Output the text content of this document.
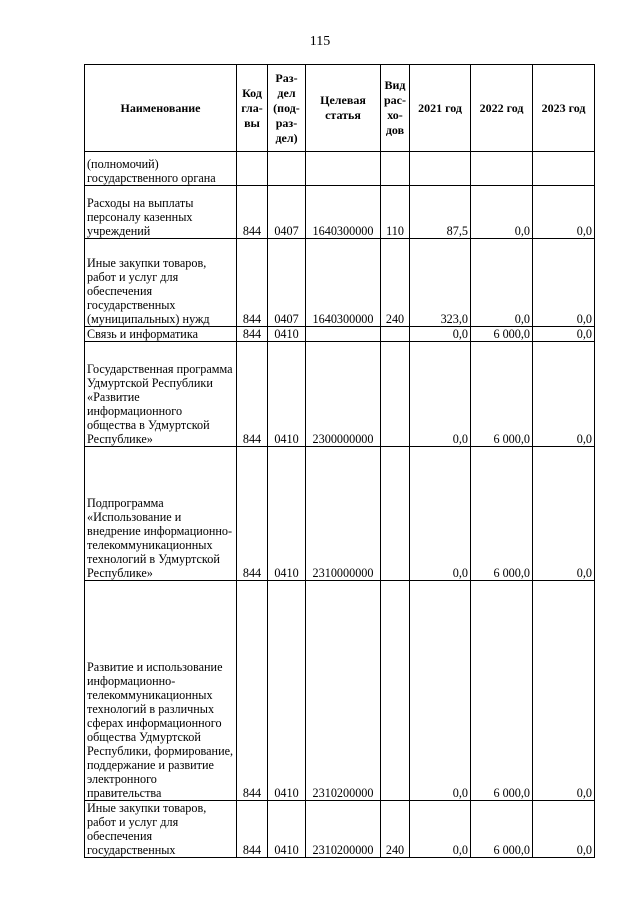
115
Наименование	Код гла- вы	Раз- дел (под- раз- дел)	Целевая статья	Вид рас- хо- дов	2021 год	2022 год	2023 год
(полномочий) государственного органа							
Расходы на выплаты персоналу казенных учреждений	844	0407	1640300000	110	87,5	0,0	0,0
Иные закупки товаров, работ и услуг для обеспечения государственных (муниципальных) нужд	844	0407	1640300000	240	323,0	0,0	0,0
Связь и информатика	844	0410			0,0	6 000,0	0,0
Государственная программа Удмуртской Республики «Развитие информационного общества в Удмуртской Республике»	844	0410	2300000000		0,0	6 000,0	0,0
Подпрограмма «Использование и внедрение информационно-телекоммуникационных технологий в Удмуртской Республике»	844	0410	2310000000		0,0	6 000,0	0,0
Развитие и использование информационно-телекоммуникационных технологий в различных сферах информационного общества Удмуртской Республики, формирование, поддержание и развитие электронного правительства	844	0410	2310200000		0,0	6 000,0	0,0
Иные закупки товаров, работ и услуг для обеспечения государственных	844	0410	2310200000	240	0,0	6 000,0	0,0
